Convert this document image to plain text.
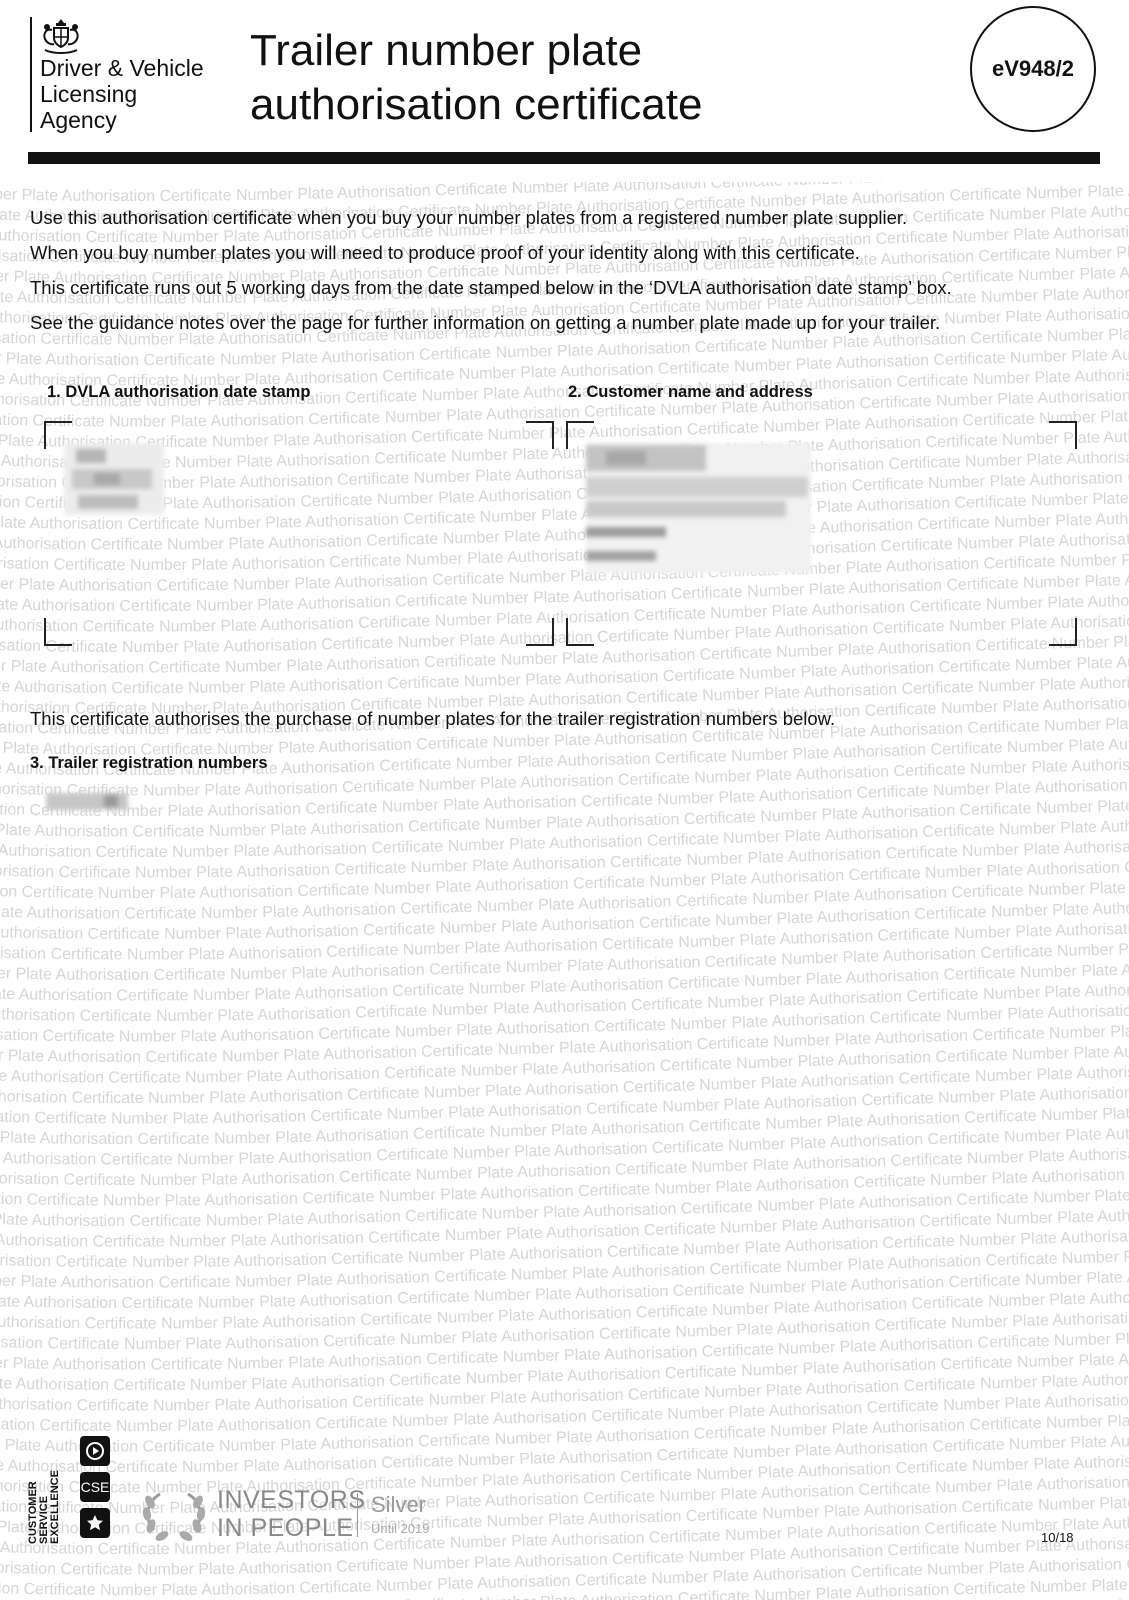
er Plate Authorisation Certificate Number Plate Authorisation Certificate Number Plate Authorisation Certif
te Authorisation Certificate Number Plate Authorisation Certificate Number Plate Authorisation Certificate Number Plate Authorisation Certificate Number Plate
thorisation Certificate Number Plate Authorisation Certificate Number Plate Authorisation Certificate Number Plate Authorisation Certificate Number Plate Auth
sation Certificate Number Plate Authorisation Certificate Number Plate Authorisation Certificate Number Plate Authorisation Certificate Number Plate Authorisati
r Plate Authorisation Certificate Number Plate Authorisation Certificate Number Plate Authorisation Certificate Number Plate Authorisation Certificate Number P
te Authorisation Certificate Number Plate Authorisation Certificate Number Plate Authorisation Certificate Number Plate Authorisation Certificate Number Plate
horisation Certificate Number Plate Authorisation Certificate Number Plate Authorisation Certificate Number Plate Authorisation Certificate Number Plate Autho
ation Certificate Number Plate Authorisation Certificate Number Plate Authorisation Certificate Number Plate Authorisation Certificate Number Plate Authorisati
Plate Authorisation Certificate Number Plate Authorisation Certificate Number Plate Authorisation Certificate Number Plate Authorisation Certificate Number Pl
Authorisation Certificate Number Plate Authorisation Certificate Number Plate Authorisation Certificate Number Plate Authorisation Certificate Number Plate A
orisation Certificate Number Plate Authorisation Certificate Number Plate Authorisation Certificate Number Plate Authorisation Certificate Number Plate Authori
tion Certificate Number Plate Authorisation Certificate Number Plate Authorisation Certificate Number Plate Authorisation Certificate Number Plate Authorisatio
late Aut ificate Number Plate Authorisation Certificate Number Plate Authorisation Certificate Number Plate Authorisation Certificate Number Plat
Authoris e Number Plate Authorisation Certificate Number Plate Auth te Authorisation Certificate Number Plate Aut
risation mber Plate Authorisation Certificate Number Plate Authorisa thorisation Certificate Number Plate Authoris
on Certif Plate Authorisation Certificate Number Plate Authorisation C ation Certificate Number Plate Authorisation
late Authorisation Certificate Number Plate Authorisation Certificate Number Plate Plate Authorisation Certificate Number Plate
uthorisation Certificate Number Plate Authorisation Certificate Number Plate Autho e Authorisation Certificate Number Plate Auth
isation Certificate Number Plate Authorisation Certificate Number Plate Authorisati horisation Certificate Number Plate Authorisa
er Plate Authorisation Certificate Number Plate Authorisation Certificate Number Plate Authorisation mber Plate Authorisation Certificate Number
te Authorisation Certificate Number Plate Authorisation Certificate Number Plate Authorisation Certificate Number Plate Authorisation Certificate Number Plate
thorisation Certificate Number Plate Authorisation Certificate Number Plate Authorisation Certificate Number Plate Authorisation Certificate Number Plate Autho
ation Certificate Number Plate Authorisation Certificate Number Plate Authorisation Certificate Number Plate Authorisation Certificate Number Plate Authorisati
r Plate Authorisation Certificate Number Plate Authorisation Certificate Number Plate Authorisation Certificate Number Plate Authorisation Certificate Number Pl
e Authorisation Certificate Number Plate Authorisation Certificate Number Plate Authorisation Certificate Number Plate Authorisation Certificate Number Plate A
horisation Certificate Number Plate Authorisation Certificate Number Plate Authorisation Certificate Number Plate Authorisation Certificate Number Plate Author
tion Certificate Number Plate Authorisation Certificate Number Plate Authorisation Certificate Number Plate Authorisation Certificate Number Plate Authorisatio
Plate Authorisation Certificate Number Plate Authorisation Certificate Number Plate Authorisation Certificate Number Plate Authorisation Certificate Number Pla
Authorisation Certificate Number Plate Authorisation Certificate Number Plate Authorisation Certificate Number Plate Authorisation Certificate Number Plate Au
orisation Certificate Number Plate Authorisation Certificate Number Plate Authorisation Certificate Number Plate Authorisation Certificate Number Plate Authori
ion Certificate Number Plate Authorisation Certificate Number Plate Authorisation Certificate Number Plate Authorisation Certificate Number Plate Authorisation
late Authorisation Certificate Number Plate Authorisation Certificate Number Plate Authorisation Certificate Number Plate Authorisation Certificate Number Plat
uthorisation Certificate Number Plate Authorisation Certificate Number Plate Authorisation Certificate Number Plate Authorisation Certificate Number Plate Aut
risation Certificate Number Plate Authorisation Certificate Number Plate Authorisation Certificate Number Plate Authorisation Certificate Number Plate Authoris
on Certificate Number Plate Authorisation Certificate Number Plate Authorisation Certificate Number Plate Authorisation Certificate Number Plate Authorisation
ate Authorisation Certificate Number Plate Authorisation Certificate Number Plate Authorisation Certificate Number Plate Authorisation Certificate Number Plate
uthorisation Certificate Number Plate Authorisation Certificate Number Plate Authorisation Certificate Number Plate Authorisation Certificate Number Plate Auth
isation Certificate Number Plate Authorisation Certificate Number Plate Authorisation Certificate Number Plate Authorisation Certificate Number Plate Authorisat
r Plate Authorisation Certificate Number Plate Authorisation Certificate Number Plate Authorisation Certificate Number Plate Authorisation Certificate Number P
te Authorisation Certificate Number Plate Authorisation Certificate Number Plate Authorisation Certificate Number Plate Authorisation Certificate Number Plate
thorisation Certificate Number Plate Authorisation Certificate Number Plate Authorisation Certificate Number Plate Authorisation Certificate Number Plate Autho
ation Certificate Number Plate Authorisation Certificate Number Plate Authorisation Certificate Number Plate Authorisation Certificate Number Plate Authorisati
Plate Authorisation Certificate Number Plate Authorisation Certificate Number Plate Authorisation Certificate Number Plate Authorisation Certificate Number Pl
Authorisation Certificate Number Plate Authorisation Certificate Number Plate Authorisation Certificate Number Plate Authorisation Certificate Number Plate A
orisation Certificate Number Plate Authorisation Certificate Number Plate Authorisation Certificate Number Plate Authorisation Certificate Number Plate Authori
tion Certificate Number Plate Authorisation Certificate Number Plate Authorisation Certificate Number Plate Authorisation Certificate Number Plate Authorisatio
Plate Authorisation Certificate Number Plate Authorisation Certificate Number Plate Authorisation Certificate Number Plate Authorisation Certificate Number Pla
Authorisation Certificate Number Plate Authorisation Certificate Number Plate Authorisation Certificate Number Plate Authorisation Certificate Number Plate Au
risation Certificate Number Plate Authorisation Certificate Number Plate Authorisation Certificate Number Plate Authorisation Certificate Number Plate Authoris
ion Certificate Number Plate Authorisation Certificate Number Plate Authorisation Certificate Number Plate Authorisation Certificate Number Plate Authorisation
late Authorisation Certificate Number Plate Authorisation Certificate Number Plate Authorisation Certificate Number Plate Authorisation Certificate Number Plat
uthorisation Certificate Number Plate Authorisation Certificate Number Plate Authorisation Certificate Number Plate Authorisation Certificate Number Plate Aut
isation Certificate Number Plate Authorisation Certificate Number Plate Authorisation Certificate Number Plate Authorisation Certificate Number Plate Authorisa
er Plate Authorisation Certificate Number Plate Authorisation Certificate Number Plate Authorisation Certificate Number Plate Authorisation Certificate Number
te Authorisation Certificate Number Plate Authorisation Certificate Number Plate Authorisation Certificate Number Plate Authorisation Certificate Number Plate
thorisation Certificate Number Plate Authorisation Certificate Number Plate Authorisation Certificate Number Plate Authorisation Certificate Number Plate Auth
sation Certificate Number Plate Authorisation Certificate Number Plate Authorisation Certificate Number Plate Authorisation Certificate Number Plate Authorisati
r Plate Authorisation Certificate Number Plate Authorisation Certificate Number Plate Authorisation Certificate Number Plate Authorisation Certificate Number P
e Authorisation Certificate Number Plate Authorisation Certificate Number Plate Authorisation Certificate Number Plate Authorisation Certificate Number Plate A
horisation Certificate Number Plate Authorisation Certificate Number Plate Authorisation Certificate Number Plate Authorisation Certificate Number Plate Author
ation Certificate Number Plate Authorisation Certificate Number Plate Authorisation Certificate Number Plate Authorisation Certificate Number Plate Authorisatio
Plate Auth tion Certificate Number Plate Authorisation Certificate Number Plate Authorisation Certificate Number Plate Authorisation Certificate Number Pl
Authorisation Certificate Number Plate Authorisation Certificate Number Plate Authorisation Certificate Number Plate Authorisation Certificate Number Plate A
orisation C cate Number Plate Authorisation Certificate Number Plate Authorisation Certificate Number Plate Authorisation Certificate Number Plate Authori
tion Certific Num er Plat Authorisation Certificate Number Plate Authorisation Certificate Number Plate Authorisation Certificate Number Plate Authorisatio
late Autho ion C rtifica e Number Plate Autho isation Certificate Number Plate Authorisation Certificate Number Plate Authorisation Certificate Number Plat
Authorisation Certificate Number Plate Authorisation Certificate Number Plate Authorisation Certificate Number Plate Authorisation Certificate Number Plate Aut
risation Certificate Number Plate Authorisation Certificate Number Plate Authorisation Certificate Number Plate Authorisation Certificate Number Plate Authoris
on Certificate Number Plate Authorisation Certificate Number Plate Authorisation Certificate Number Plate Authorisation Certificate Number Plate Authorisation
ation Certificate Number Plate Authorisation Certificate Number Plate
Driver & Vehicle
Licensing
Agency
Trailer number plate
authorisation certificate
eV948/2

Use this authorisation certificate when you buy your number plates from a registered number plate supplier.

When you buy number plates you will need to produce proof of your identity along with this certificate.

This certificate runs out 5 working days from the date stamped below in the ‘DVLA authorisation date stamp’ box.

See the guidance notes over the page for further information on getting a number plate made up for your trailer.

1. DVLA authorisation date stamp	2. Customer name and address
This certificate authorises the purchase of number plates for the trailer registration numbers below.
3. Trailer registration numbers
CUSTOMER SERVICE EXCELLENCE CSE	INVESTORS
IN PEOPLE
Silver
Until 2019
10/18
